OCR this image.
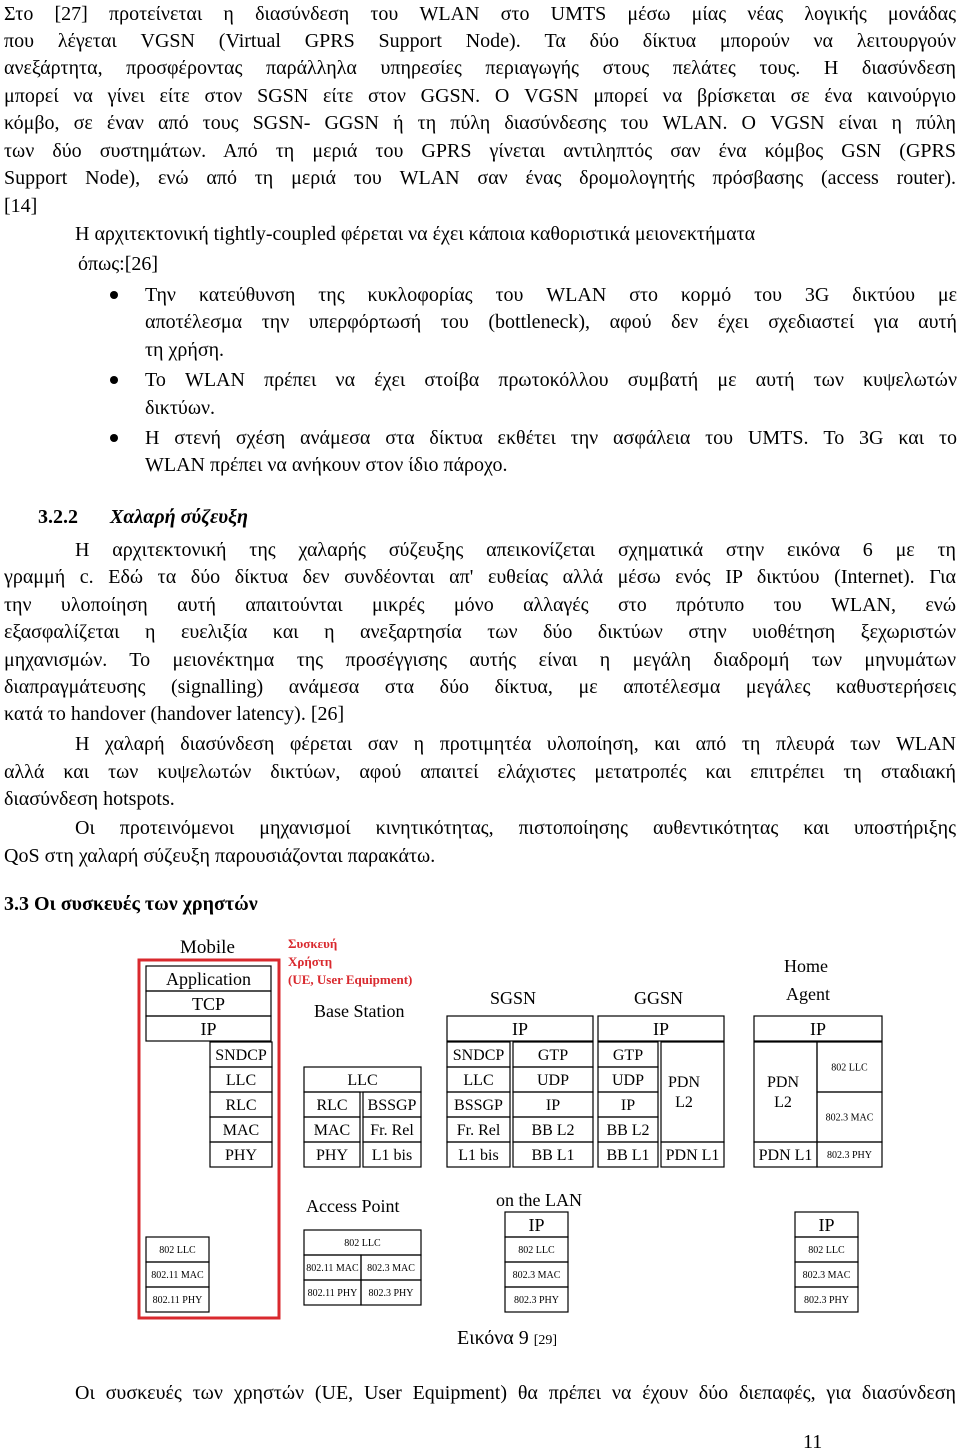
Στο [27] προτείνεται η διασύνδεση του WLAN στο UMTS μέσω μίας νέας λογικής μονάδας
που λέγεται VGSN (Virtual GPRS Support Node). Τα δύο δίκτυα μπορούν να λειτουργούν
ανεξάρτητα, προσφέροντας παράλληλα υπηρεσίες περιαγωγής στους πελάτες τους. Η διασύνδεση
μπορεί να γίνει είτε στον SGSN είτε στον GGSN. Ο VGSN μπορεί να βρίσκεται σε ένα καινούργιο
κόμβο, σε έναν από τους SGSN- GGSN ή τη πύλη διασύνδεσης του WLAN. Ο VGSN είναι η πύλη
των δύο συστημάτων. Από τη μεριά του GPRS γίνεται αντιληπτός σαν ένα κόμβος GSN (GPRS
Support Node), ενώ από τη μεριά του WLAN σαν ένας δρομολογητής πρόσβασης (access router).
[14]
Η αρχιτεκτονική tightly-coupled φέρεται να έχει κάποια καθοριστικά μειονεκτήματα
όπως:[26]
Την κατεύθυνση της κυκλοφορίας του WLAN στο κορμό του 3G δικτύου με
αποτέλεσμα την υπερφόρτωσή του (bottleneck), αφού δεν έχει σχεδιαστεί για αυτή
τη χρήση.
Το WLAN πρέπει να έχει στοίβα πρωτοκόλλου συμβατή με αυτή των κυψελωτών
δικτύων.
Η στενή σχέση ανάμεσα στα δίκτυα εκθέτει την ασφάλεια του UMTS. Το 3G και το
WLAN πρέπει να ανήκουν στον ίδιο πάροχο.
3.2.2 Χαλαρή σύζευξη
Η αρχιτεκτονική της χαλαρής σύζευξης απεικονίζεται σχηματικά στην εικόνα 6 με τη
γραμμή c. Εδώ τα δύο δίκτυα δεν συνδέονται απ' ευθείας αλλά μέσω ενός IP δικτύου (Internet). Για
την υλοποίηση αυτή απαιτούνται μικρές μόνο αλλαγές στο πρότυπο του WLAN, ενώ
εξασφαλίζεται η ευελιξία και η ανεξαρτησία των δύο δικτύων στην υιοθέτηση ξεχωριστών
μηχανισμών. Το μειονέκτημα της προσέγγισης αυτής είναι η μεγάλη διαδρομή των μηνυμάτων
διαπραγμάτευσης (signalling) ανάμεσα στα δύο δίκτυα, με αποτέλεσμα μεγάλες καθυστερήσεις
κατά το handover (handover latency). [26]
Η χαλαρή διασύνδεση φέρεται σαν η προτιμητέα υλοποίηση, και από τη πλευρά των WLAN
αλλά και των κυψελωτών δικτύων, αφού απαιτεί ελάχιστες μετατροπές και επιτρέπει τη σταδιακή
διασύνδεση hotspots.
Οι προτεινόμενοι μηχανισμοί κινητικότητας, πιστοποίησης αυθεντικότητας και υποστήριξης
QoS στη χαλαρή σύζευξη παρουσιάζονται παρακάτω.
3.3 Οι συσκευές των χρηστών
Mobile	Συσκευή
Χρήστη
(UE, User Equipment)
Base Station
SGSN	GGSN
Home
Agent
Access Point	on the LAN
Application
TCP
IP
SNDCP
LLC
RLC
MAC
PHY
LLC
RLC
MAC
PHY
BSSGP
Fr. Rel
L1 bis
IP
SNDCP
LLC
BSSGP
Fr. Rel
L1 bis
GTP
UDP
IP
BB L2
BB L1
IP
GTP
UDP
IP
BB L2
BB L1
PDN
L2
PDN L1
IP
PDN
L2
PDN L1
802 LLC
802.3 MAC
802.3 PHY
802 LLC
802.11 MAC
802.11 PHY
802 LLC
802.11 MAC
802.11 PHY
802.3 MAC
802.3 PHY
IP
802 LLC
802.3 MAC
802.3 PHY
IP
802 LLC
802.3 MAC
802.3 PHY
Εικόνα 9 [29]
Οι συσκευές των χρηστών (UE, User Equipment) θα πρέπει να έχουν δύο διεπαφές, για διασύνδεση
11
